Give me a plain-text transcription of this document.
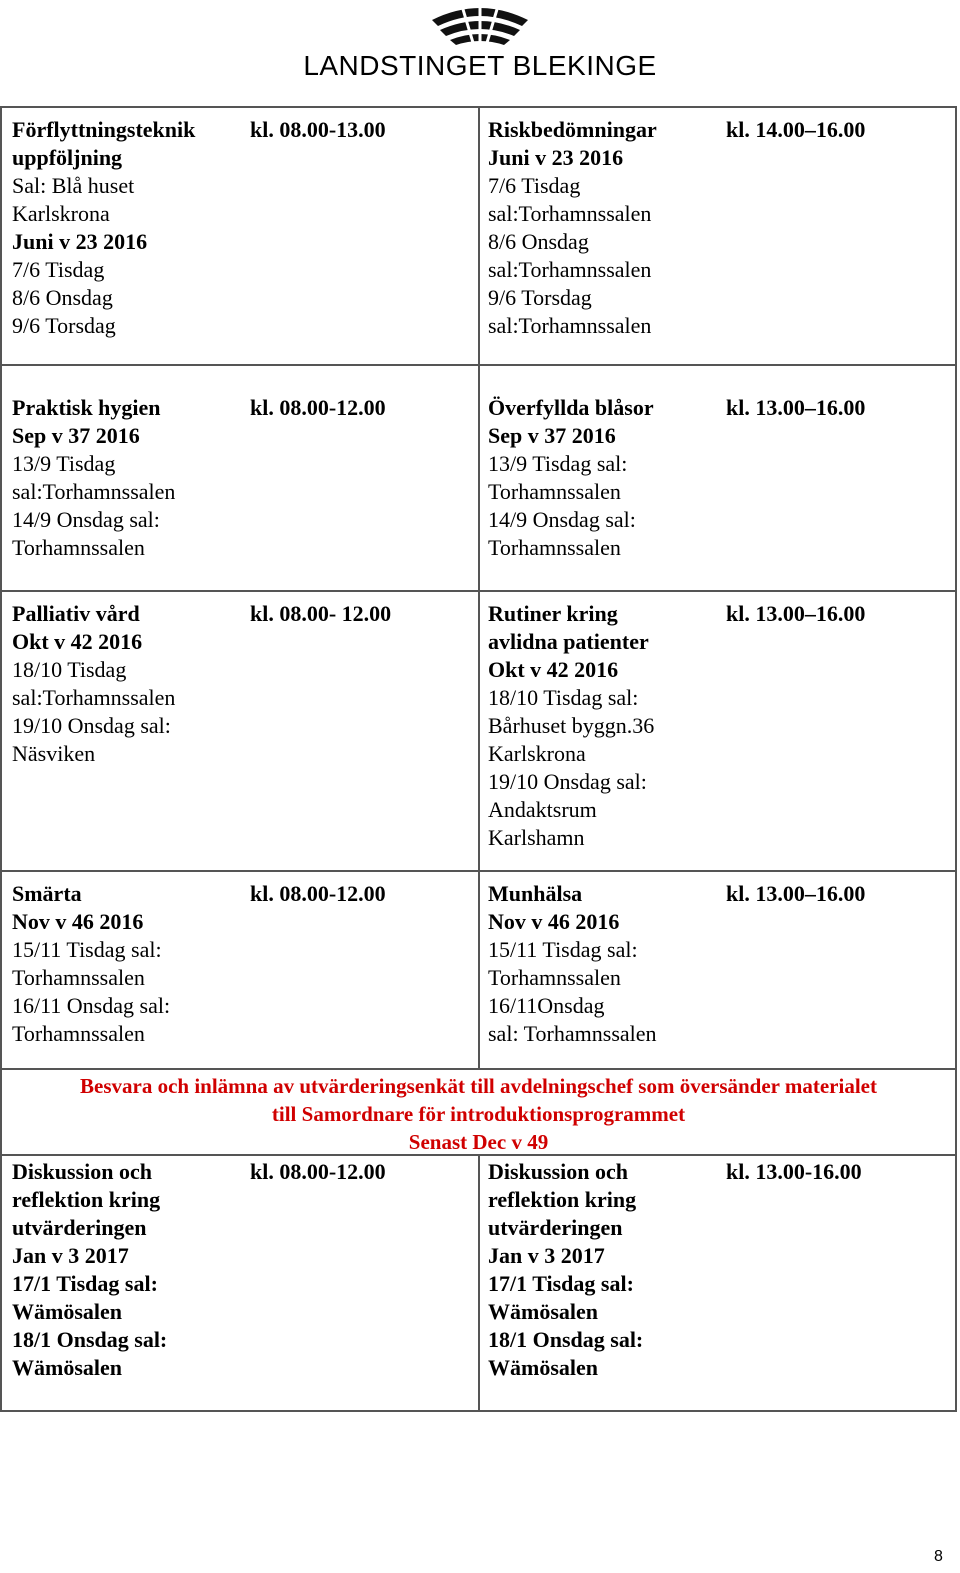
LANDSTINGET BLEKINGE
Förflyttningsteknik kl. 08.00-13.00
uppföljning
Sal: Blå huset
Karlskrona
Juni v 23 2016
7/6 Tisdag
8/6 Onsdag
9/6 Torsdag
Riskbedömningar	kl. 14.00–16.00
Juni v 23 2016
7/6 Tisdag
sal:Torhamnssalen
8/6 Onsdag
sal:Torhamnssalen
9/6 Torsdag
sal:Torhamnssalen
Praktisk hygien	kl. 08.00-12.00
Sep v 37 2016
13/9 Tisdag
sal:Torhamnssalen
14/9 Onsdag sal:
Torhamnssalen
Överfyllda blåsor	kl. 13.00–16.00
Sep v 37 2016
13/9 Tisdag sal:
Torhamnssalen
14/9 Onsdag sal:
Torhamnssalen
Palliativ vård	kl. 08.00- 12.00
Okt v 42 2016
18/10 Tisdag
sal:Torhamnssalen
19/10 Onsdag sal:
Näsviken
Rutiner kring	kl. 13.00–16.00
avlidna patienter
Okt v 42 2016
18/10 Tisdag sal:
Bårhuset byggn.36
Karlskrona
19/10 Onsdag sal:
Andaktsrum
Karlshamn
Smärta	kl. 08.00-12.00
Nov v 46 2016
15/11 Tisdag sal:
Torhamnssalen
16/11 Onsdag sal:
Torhamnssalen
Munhälsa	kl. 13.00–16.00
Nov v 46 2016
15/11 Tisdag sal:
Torhamnssalen
16/11Onsdag
sal: Torhamnssalen
Besvara och inlämna av utvärderingsenkät till avdelningschef som översänder materialet
till Samordnare för introduktionsprogrammet
Senast Dec v 49
Diskussion och	kl. 08.00-12.00
reflektion kring
utvärderingen
Jan v 3 2017
17/1 Tisdag sal:
Wämösalen
18/1 Onsdag sal:
Wämösalen
Diskussion och	kl. 13.00-16.00
reflektion kring
utvärderingen
Jan v 3 2017
17/1 Tisdag sal:
Wämösalen
18/1 Onsdag sal:
Wämösalen
8
